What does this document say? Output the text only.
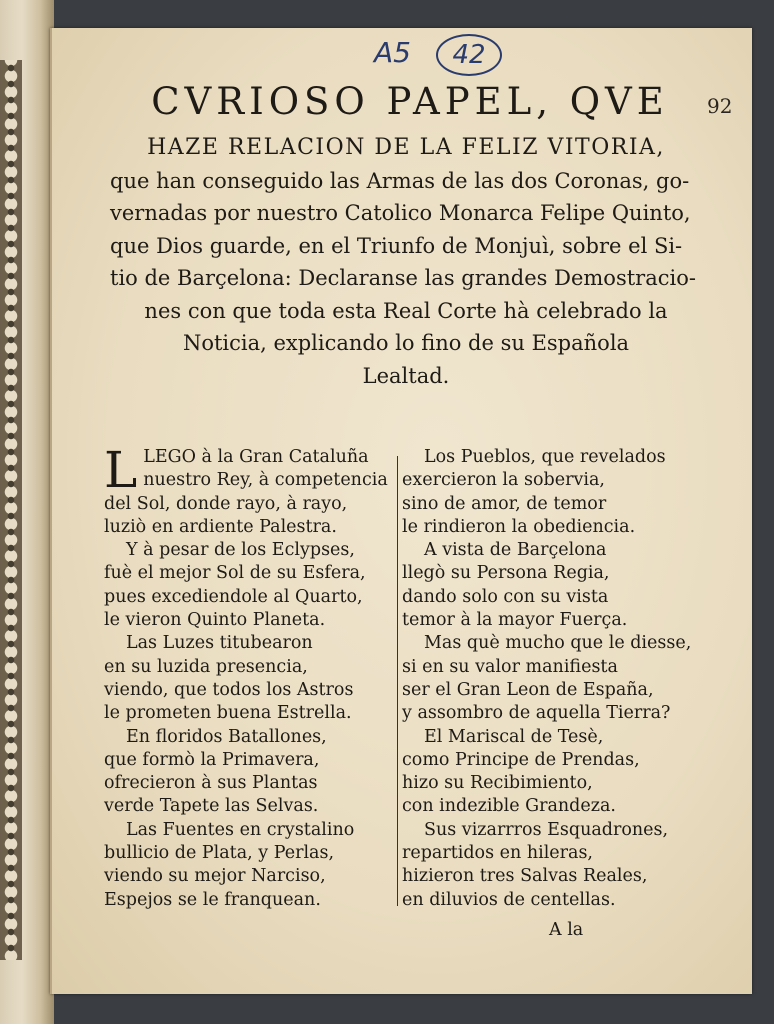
A5	42
92
CVRIOSO PAPEL, QVE
HAZE RELACION DE LA FELIZ VITORIA,
que han conseguido las Armas de las dos Coronas, go-
vernadas por nuestro Catolico Monarca Felipe Quinto,
que Dios guarde, en el Triunfo de Monjuì, sobre el Si-
tio de Barçelona: Declaranse las grandes Demostracio-
nes con que toda esta Real Corte hà celebrado la
Noticia, explicando lo fino de su Española
Lealtad.
L LEGO à la Gran Cataluña
nuestro Rey, à competencia
del Sol, donde rayo, à rayo,
luziò en ardiente Palestra.
Y à pesar de los Eclypses,
fuè el mejor Sol de su Esfera,
pues excediendole al Quarto,
le vieron Quinto Planeta.
Las Luzes titubearon
en su luzida presencia,
viendo, que todos los Astros
le prometen buena Estrella.
En floridos Batallones,
que formò la Primavera,
ofrecieron à sus Plantas
verde Tapete las Selvas.
Las Fuentes en crystalino
bullicio de Plata, y Perlas,
viendo su mejor Narciso,
Espejos se le franquean.
Los Pueblos, que revelados
exercieron la sobervia,
sino de amor, de temor
le rindieron la obediencia.
A vista de Barçelona
llegò su Persona Regia,
dando solo con su vista
temor à la mayor Fuerça.
Mas què mucho que le diesse,
si en su valor manifiesta
ser el Gran Leon de España,
y assombro de aquella Tierra?
El Mariscal de Tesè,
como Principe de Prendas,
hizo su Recibimiento,
con indezible Grandeza.
Sus vizarrros Esquadrones,
repartidos en hileras,
hizieron tres Salvas Reales,
en diluvios de centellas.
A la
